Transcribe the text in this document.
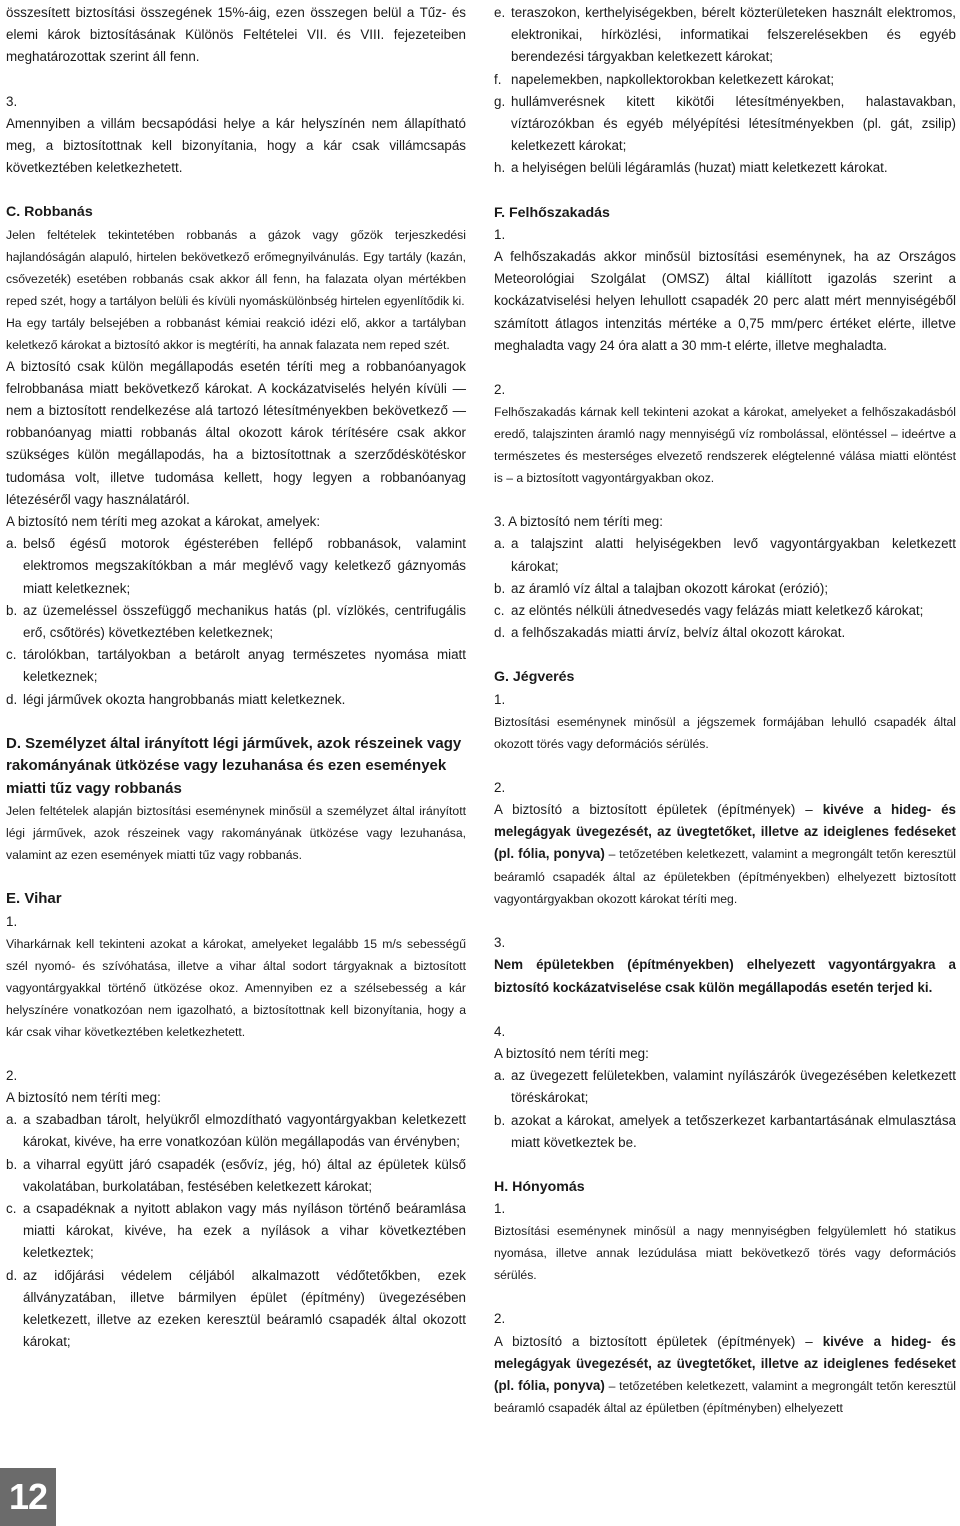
összesített biztosítási összegének 15%-áig, ezen összegen belül a Tűz- és elemi károk biztosításának Különös Feltételei VII. és VIII. fejezeteiben meghatározottak szerint áll fenn.

3.

Amennyiben a villám becsapódási helye a kár helyszínén nem állapítható meg, a biztosítottnak kell bizonyítania, hogy a kár csak villámcsapás következtében keletkezhetett.

C. Robbanás

Jelen feltételek tekintetében robbanás a gázok vagy gőzök terjeszkedési hajlandóságán alapuló, hirtelen bekövetkező erőmegnyilvánulás. Egy tartály (kazán, csővezeték) esetében robbanás csak akkor áll fenn, ha falazata olyan mértékben reped szét, hogy a tartályon belüli és kívüli nyomáskülönbség hirtelen egyenlítődik ki.

Ha egy tartály belsejében a robbanást kémiai reakció idézi elő, akkor a tartályban keletkező károkat a biztosító akkor is megtéríti, ha annak falazata nem reped szét.

A biztosító csak külön megállapodás esetén téríti meg a robbanóanyagok felrobbanása miatt bekövetkező károkat. A kockázatviselés helyén kívüli — nem a biztosított rendelkezése alá tartozó létesítményekben bekövetkező — robbanóanyag miatti robbanás által okozott károk térítésére csak akkor szükséges külön megállapodás, ha a biztosítottnak a szerződéskötéskor tudomása volt, illetve tudomása kellett, hogy legyen a robbanóanyag létezéséről vagy használatáról.

A biztosító nem téríti meg azokat a károkat, amelyek:

a. belső égésű motorok égésterében fellépő robbanások, valamint elektromos megszakítókban a már meglévő vagy keletkező gáznyomás miatt keletkeznek;
b. az üzemeléssel összefüggő mechanikus hatás (pl. vízlökés, centrifugális erő, csőtörés) következtében keletkeznek;
c. tárolókban, tartályokban a betárolt anyag természetes nyomása miatt keletkeznek;
d. légi járművek okozta hangrobbanás miatt keletkeznek.

D. Személyzet által irányított légi járművek, azok részeinek vagy rakományának ütközése vagy lezuhanása és ezen események miatti tűz vagy robbanás

Jelen feltételek alapján biztosítási eseménynek minősül a személyzet által irányított légi járművek, azok részeinek vagy rakományának ütközése vagy lezuhanása, valamint az ezen események miatti tűz vagy robbanás.

E. Vihar

1.

Viharkárnak kell tekinteni azokat a károkat, amelyeket legalább 15 m/s sebességű szél nyomó- és szívóhatása, illetve a vihar által sodort tárgyaknak a biztosított vagyontárgyakkal történő ütközése okoz. Amennyiben ez a szélsebesség a kár helyszínére vonatkozóan nem igazolható, a biztosítottnak kell bizonyítania, hogy a kár csak vihar következtében keletkezhetett.

2.

A biztosító nem téríti meg:

a. a szabadban tárolt, helyükről elmozdítható vagyontárgyakban keletkezett károkat, kivéve, ha erre vonatkozóan külön megállapodás van érvényben;
b. a viharral együtt járó csapadék (esővíz, jég, hó) által az épületek külső vakolatában, burkolatában, festésében keletkezett károkat;
c. a csapadéknak a nyitott ablakon vagy más nyíláson történő beáramlása miatti károkat, kivéve, ha ezek a nyílások a vihar következtében keletkeztek;
d. az időjárási védelem céljából alkalmazott védőtetőkben, ezek állványzatában, illetve bármilyen épület (építmény) üvegezésében keletkezett, illetve az ezeken keresztül beáramló csapadék által okozott károkat;
e. teraszokon, kerthelyiségekben, bérelt közterületeken használt elektromos, elektronikai, hírközlési, informatikai felszerelésekben és egyéb berendezési tárgyakban keletkezett károkat;
f. napelemekben, napkollektorokban keletkezett károkat;
g. hullámverésnek kitett kikötői létesítményekben, halastavakban, víztározókban és egyéb mélyépítési létesítményekben (pl. gát, zsilip) keletkezett károkat;
h. a helyiségen belüli légáramlás (huzat) miatt keletkezett károkat.

F. Felhőszakadás

1.

A felhőszakadás akkor minősül biztosítási eseménynek, ha az Országos Meteorológiai Szolgálat (OMSZ) által kiállított igazolás szerint a kockázatviselési helyen lehullott csapadék 20 perc alatt mért mennyiségéből számított átlagos intenzitás mértéke a 0,75 mm/perc értéket elérte, illetve meghaladta vagy 24 óra alatt a 30 mm-t elérte, illetve meghaladta.

2.

Felhőszakadás kárnak kell tekinteni azokat a károkat, amelyeket a felhőszakadásból eredő, talajszinten áramló nagy mennyiségű víz rombolással, elöntéssel – ideértve a természetes és mesterséges elvezető rendszerek elégtelenné válása miatti elöntést is – a biztosított vagyontárgyakban okoz.

3. A biztosító nem téríti meg:

a. a talajszint alatti helyiségekben levő vagyontárgyakban keletkezett károkat;
b. az áramló víz által a talajban okozott károkat (erózió);
c. az elöntés nélküli átnedvesedés vagy felázás miatt keletkező károkat;
d. a felhőszakadás miatti árvíz, belvíz által okozott károkat.

G. Jégverés

1.

Biztosítási eseménynek minősül a jégszemek formájában lehulló csapadék által okozott törés vagy deformációs sérülés.

2.

A biztosító a biztosított épületek (építmények) – kivéve a hideg- és melegágyak üvegezését, az üvegtetőket, illetve az ideiglenes fedéseket (pl. fólia, ponyva) – tetőzetében keletkezett, valamint a megrongált tetőn keresztül beáramló csapadék által az épületekben (építményekben) elhelyezett biztosított vagyontárgyakban okozott károkat téríti meg.

3.

Nem épületekben (építményekben) elhelyezett vagyontárgyakra a biztosító kockázatviselése csak külön megállapodás esetén terjed ki.

4.

A biztosító nem téríti meg:

a. az üvegezett felületekben, valamint nyílászárók üvegezésében keletkezett töréskárokat;
b. azokat a károkat, amelyek a tetőszerkezet karbantartásának elmulasztása miatt következtek be.

H. Hónyomás

1.

Biztosítási eseménynek minősül a nagy mennyiségben felgyülemlett hó statikus nyomása, illetve annak lezúdulása miatt bekövetkező törés vagy deformációs sérülés.

2.

A biztosító a biztosított épületek (építmények) – kivéve a hideg- és melegágyak üvegezését, az üvegtetőket, illetve az ideiglenes fedéseket (pl. fólia, ponyva) – tetőzetében keletkezett, valamint a megrongált tetőn keresztül beáramló csapadék által az épületben (építményben) elhelyezett

12
